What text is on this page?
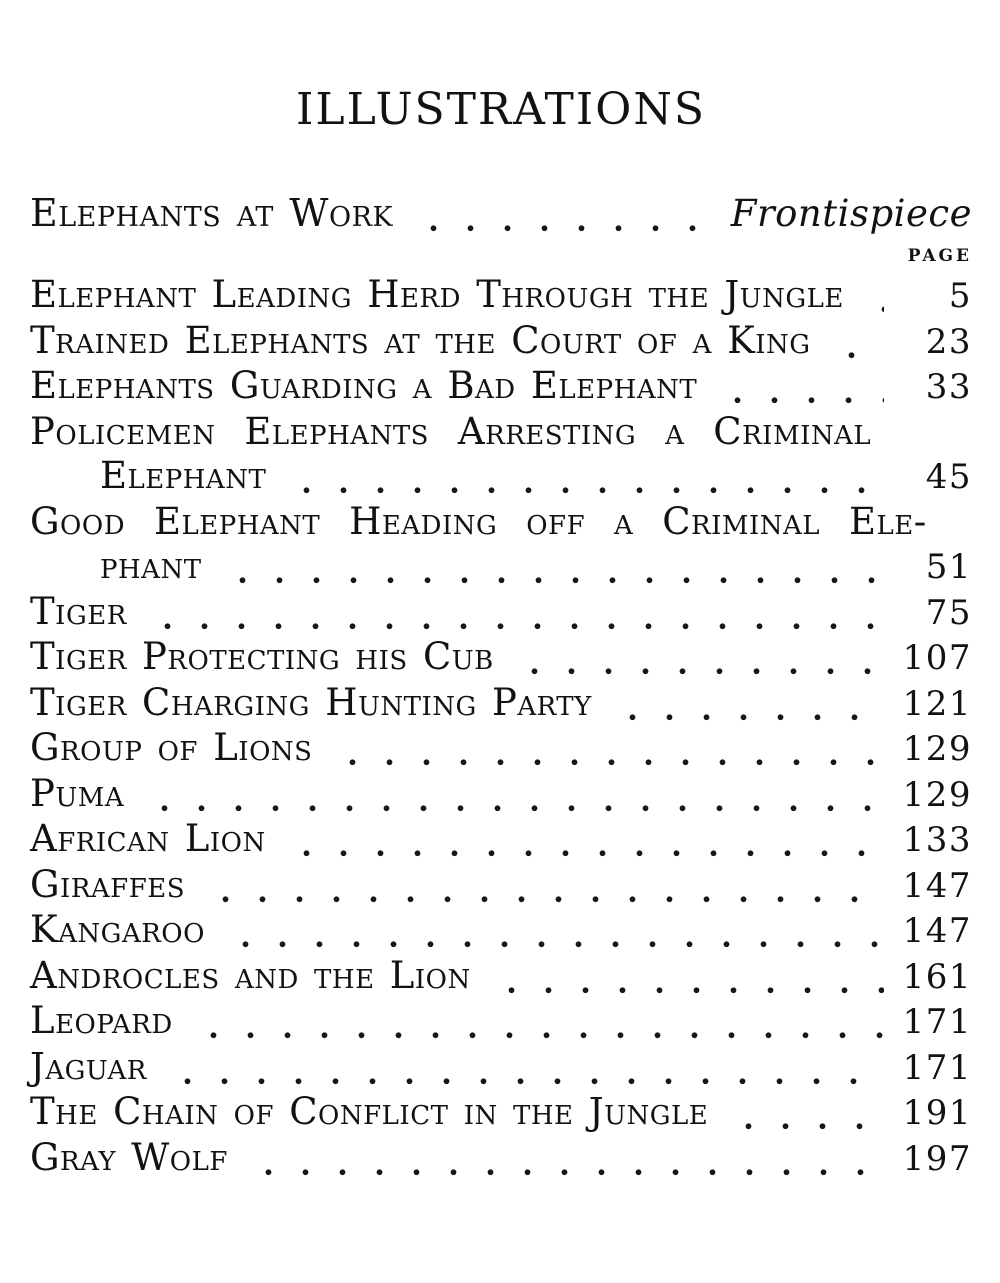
ILLUSTRATIONS
Elephants at Work	Frontispiece
PAGE
Elephant Leading Herd Through the Jungle	5
Trained Elephants at the Court of a King	23
Elephants Guarding a Bad Elephant	33
Policemen Elephants Arresting a Criminal
Elephant	45
Good Elephant Heading off a Criminal Ele-
phant	51
Tiger	75
Tiger Protecting his Cub	107
Tiger Charging Hunting Party	121
Group of Lions	129
Puma	129
African Lion	133
Giraffes	147
Kangaroo	147
Androcles and the Lion	161
Leopard	171
Jaguar	171
The Chain of Conflict in the Jungle	191
Gray Wolf	197
